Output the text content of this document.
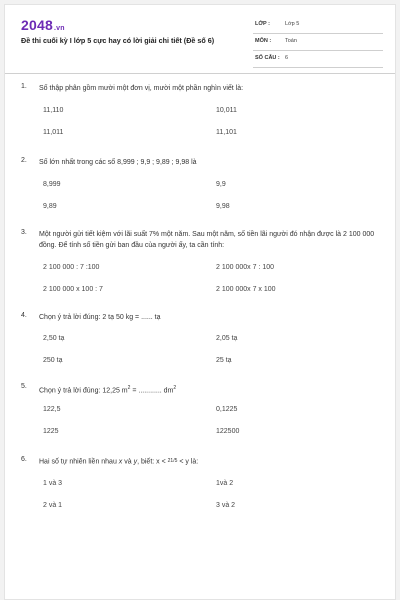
2048.vn
Đề thi cuối kỳ I lớp 5 cực hay có lời giải chi tiết (Đề số 6)
LỚP :	Lớp 5
MÔN :	Toán
SỐ CÂU : 6
1. Số thập phân gồm mười một đơn vị, mười một phần nghìn viết là:
11,110	10,011
11,011	11,101
2. Số lớn nhất trong các số 8,999 ; 9,9 ; 9,89 ; 9,98 là
8,999	9,9
9,89	9,98
3. Một người gửi tiết kiệm với lãi suất 7% một năm. Sau một năm, số tiền lãi người đó nhận được là 2 100 000 đồng. Để tính số tiền gửi ban đầu của người ấy, ta cần tính:
2 100 000 : 7 :100	2 100 000x 7 : 100
2 100 000 x 100 : 7	2 100 000x 7 x 100
4. Chọn ý trả lời đúng: 2 tạ 50 kg = ...... tạ
2,50 tạ	2,05 tạ
250 tạ	25 tạ
5.
Chọn ý trả lời đúng: 12,25 $m^2$ = ............ $dm^2$
122,5	0,1225
1225	122500
6. Hai số tự nhiên liền nhau x và y, biết: x < 21/5 < y là:
1 và 3	1và 2
2 và 1	3 và 2
